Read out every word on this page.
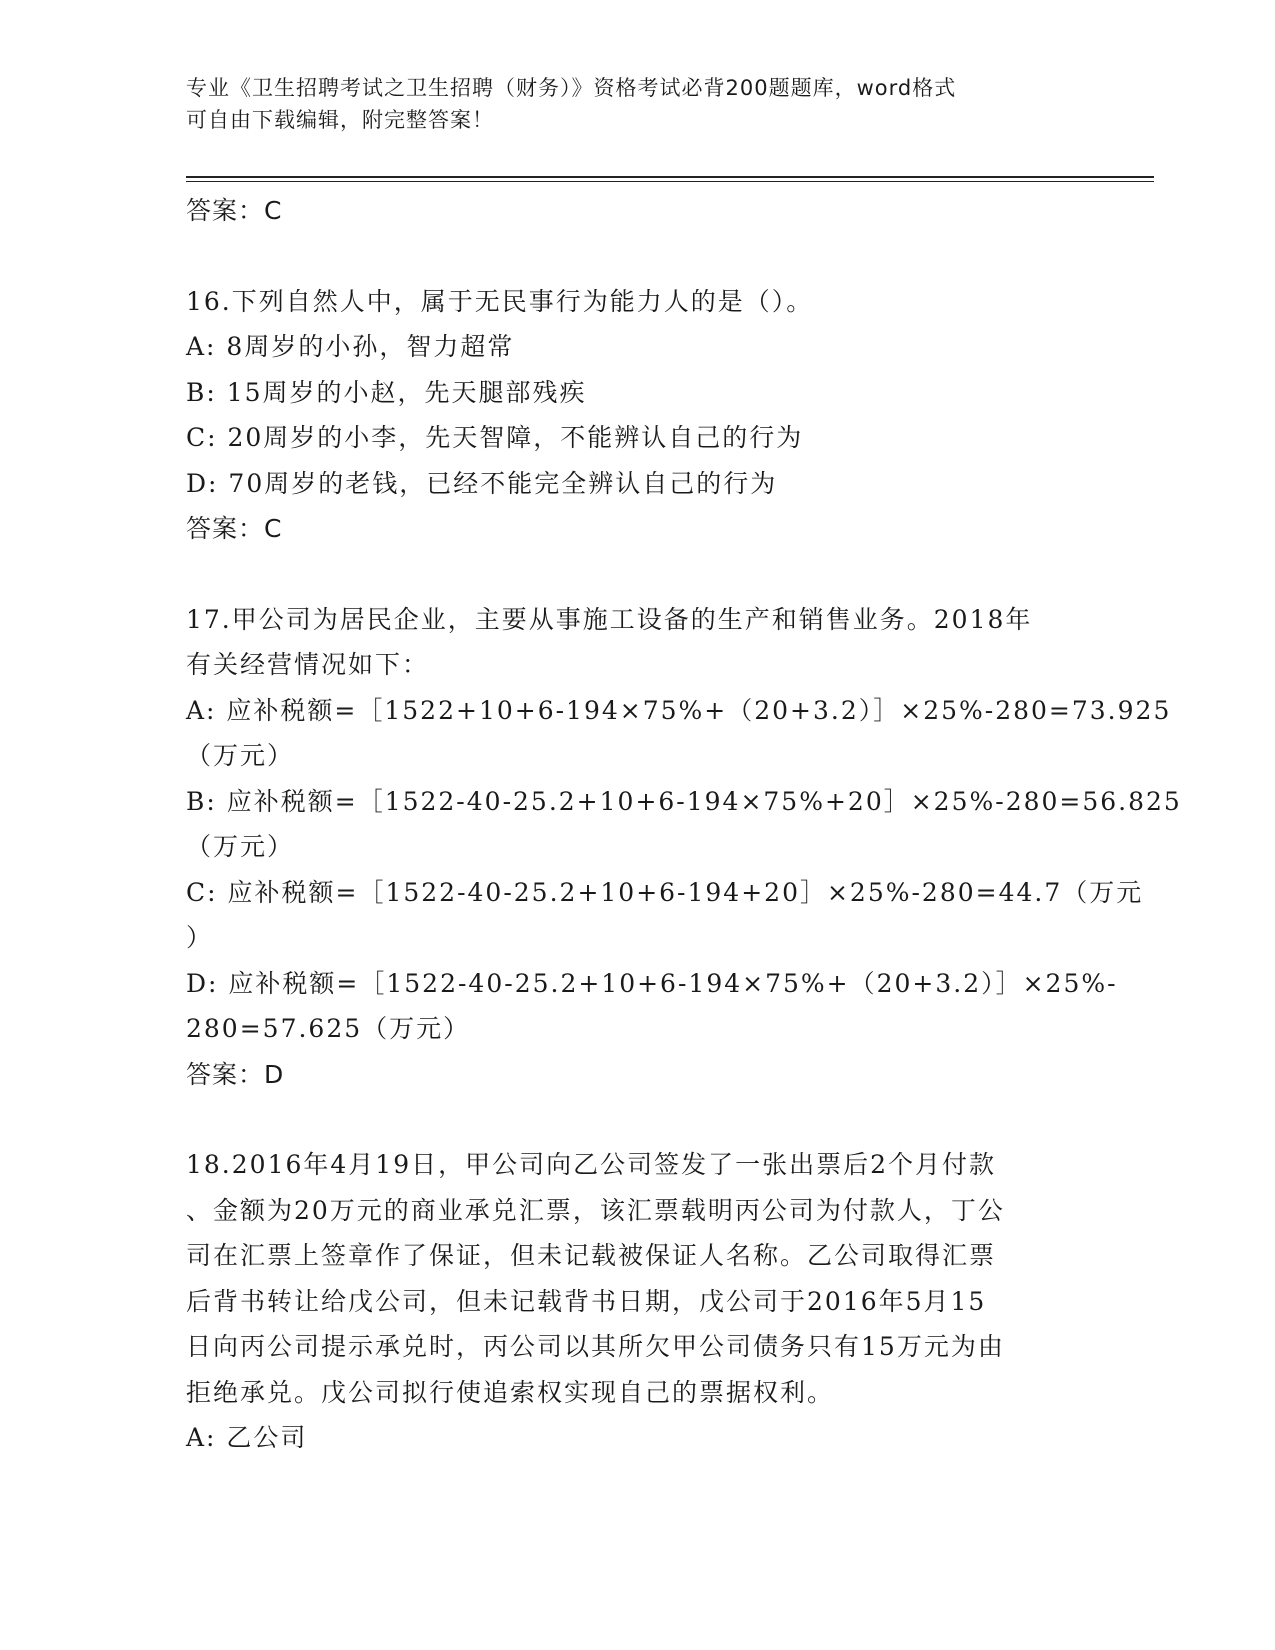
专业《卫生招聘考试之卫生招聘（财务）》资格考试必背200题题库，word格式
可自由下载编辑，附完整答案！
答案：C
16.下列自然人中，属于无民事行为能力人的是（）。
A: 8周岁的小孙，智力超常
B: 15周岁的小赵，先天腿部残疾
C: 20周岁的小李，先天智障，不能辨认自己的行为
D: 70周岁的老钱，已经不能完全辨认自己的行为
答案：C
17.甲公司为居民企业，主要从事施工设备的生产和销售业务。2018年
有关经营情况如下：
A: 应补税额=［1522+10+6-194×75%+（20+3.2）］×25%-280=73.925
（万元）
B: 应补税额=［1522-40-25.2+10+6-194×75%+20］×25%-280=56.825
（万元）
C: 应补税额=［1522-40-25.2+10+6-194+20］×25%-280=44.7（万元
）
D: 应补税额=［1522-40-25.2+10+6-194×75%+（20+3.2）］×25%-
280=57.625（万元）
答案：D
18.2016年4月19日，甲公司向乙公司签发了一张出票后2个月付款
、金额为20万元的商业承兑汇票，该汇票载明丙公司为付款人，丁公
司在汇票上签章作了保证，但未记载被保证人名称。乙公司取得汇票
后背书转让给戊公司，但未记载背书日期，戊公司于2016年5月15
日向丙公司提示承兑时，丙公司以其所欠甲公司债务只有15万元为由
拒绝承兑。戊公司拟行使追索权实现自己的票据权利。
A: 乙公司
